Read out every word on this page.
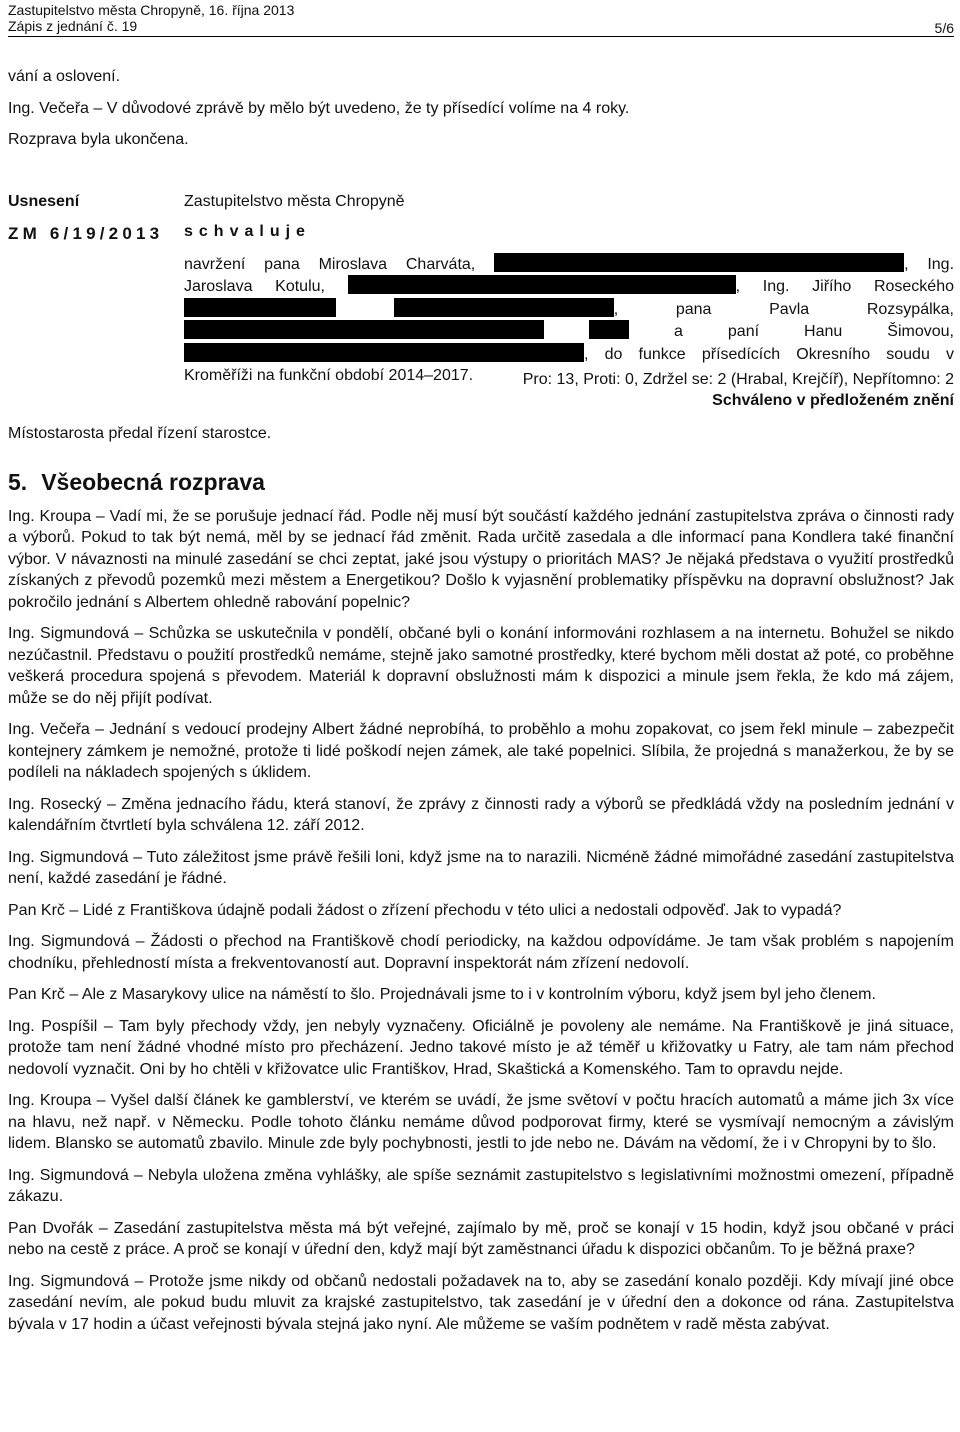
Zastupitelstvo města Chropyně, 16. října 2013
Zápis z jednání č. 19	5/6

vání a oslovení.

Ing. Večeřa – V důvodové zprávě by mělo být uvedeno, že ty přísedící volíme na 4 roky.

Rozprava byla ukončena.

Usnesení
ZM 6/19/2013
Zastupitelstvo města Chropyně
schvaluje
navržení pana Miroslava Charváta,	, Ing. Jaroslava Kotulu,	, Ing. Jiřího Roseckého  , pana Pavla Rozsypálka,   a paní Hanu Šimovou, , do funkce přísedících Okresního soudu v Kroměříži na funkční období 2014–2017.	Pro: 13, Proti: 0, Zdržel se: 2 (Hrabal, Krejčíř), Nepřítomno: 2
Schváleno v předloženém znění

Místostarosta předal řízení starostce.

5. Všeobecná rozprava

Ing. Kroupa – Vadí mi, že se porušuje jednací řád. Podle něj musí být součástí každého jednání zastupitelstva zpráva o činnosti rady a výborů. Pokud to tak být nemá, měl by se jednací řád změnit. Rada určitě zasedala a dle informací pana Kondlera také finanční výbor. V návaznosti na minulé zasedání se chci zeptat, jaké jsou výstupy o prioritách MAS? Je nějaká představa o využití prostředků získaných z převodů pozemků mezi městem a Energetikou? Došlo k vyjasnění problematiky příspěvku na dopravní obslužnost? Jak pokročilo jednání s Albertem ohledně rabování popelnic?

Ing. Sigmundová – Schůzka se uskutečnila v pondělí, občané byli o konání informováni rozhlasem a na internetu. Bohužel se nikdo nezúčastnil. Představu o použití prostředků nemáme, stejně jako samotné prostředky, které bychom měli dostat až poté, co proběhne veškerá procedura spojená s převodem. Materiál k dopravní obslužnosti mám k dispozici a minule jsem řekla, že kdo má zájem, může se do něj přijít podívat.

Ing. Večeřa – Jednání s vedoucí prodejny Albert žádné neprobíhá, to proběhlo a mohu zopakovat, co jsem řekl minule – zabezpečit kontejnery zámkem je nemožné, protože ti lidé poškodí nejen zámek, ale také popelnici. Slíbila, že projedná s manažerkou, že by se podíleli na nákladech spojených s úklidem.

Ing. Rosecký – Změna jednacího řádu, která stanoví, že zprávy z činnosti rady a výborů se předkládá vždy na posledním jednání v kalendářním čtvrtletí byla schválena 12. září 2012.

Ing. Sigmundová – Tuto záležitost jsme právě řešili loni, když jsme na to narazili. Nicméně žádné mimořádné zasedání zastupitelstva není, každé zasedání je řádné.

Pan Krč – Lidé z Františkova údajně podali žádost o zřízení přechodu v této ulici a nedostali odpověď. Jak to vypadá?

Ing. Sigmundová – Žádosti o přechod na Františkově chodí periodicky, na každou odpovídáme. Je tam však problém s napojením chodníku, přehledností místa a frekventovaností aut. Dopravní inspektorát nám zřízení nedovolí.

Pan Krč – Ale z Masarykovy ulice na náměstí to šlo. Projednávali jsme to i v kontrolním výboru, když jsem byl jeho členem.

Ing. Pospíšil – Tam byly přechody vždy, jen nebyly vyznačeny. Oficiálně je povoleny ale nemáme. Na Františkově je jiná situace, protože tam není žádné vhodné místo pro přecházení. Jedno takové místo je až téměř u křižovatky u Fatry, ale tam nám přechod nedovolí vyznačit. Oni by ho chtěli v křižovatce ulic Františkov, Hrad, Skaštická a Komenského. Tam to opravdu nejde.

Ing. Kroupa – Vyšel další článek ke gamblerství, ve kterém se uvádí, že jsme světoví v počtu hracích automatů a máme jich 3x více na hlavu, než např. v Německu. Podle tohoto článku nemáme důvod podporovat firmy, které se vysmívají nemocným a závislým lidem. Blansko se automatů zbavilo. Minule zde byly pochybnosti, jestli to jde nebo ne. Dávám na vědomí, že i v Chropyni by to šlo.

Ing. Sigmundová – Nebyla uložena změna vyhlášky, ale spíše seznámit zastupitelstvo s legislativními možnostmi omezení, případně zákazu.

Pan Dvořák – Zasedání zastupitelstva města má být veřejné, zajímalo by mě, proč se konají v 15 hodin, když jsou občané v práci nebo na cestě z práce. A proč se konají v úřední den, když mají být zaměstnanci úřadu k dispozici občanům. To je běžná praxe?

Ing. Sigmundová – Protože jsme nikdy od občanů nedostali požadavek na to, aby se zasedání konalo později. Kdy mívají jiné obce zasedání nevím, ale pokud budu mluvit za krajské zastupitelstvo, tak zasedání je v úřední den a dokonce od rána. Zastupitelstva bývala v 17 hodin a účast veřejnosti bývala stejná jako nyní. Ale můžeme se vaším podnětem v radě města zabývat.
